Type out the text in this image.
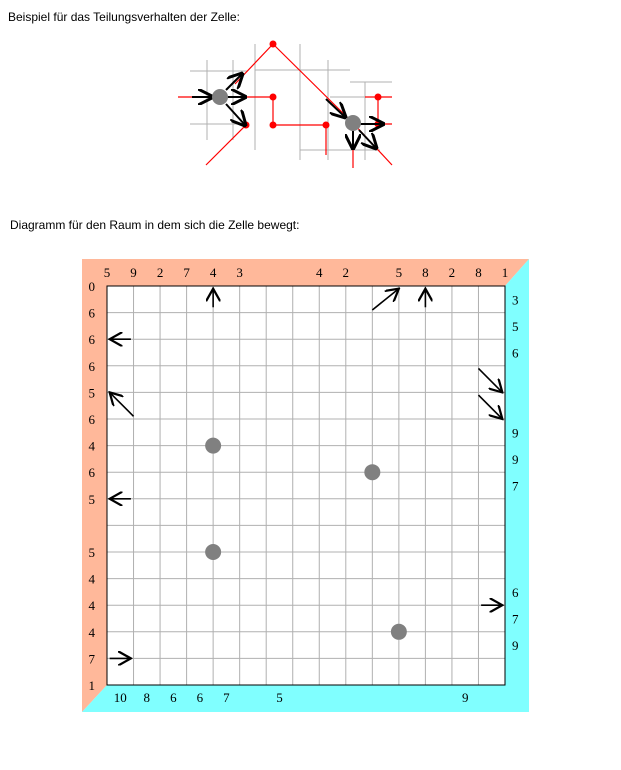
Beispiel für das Teilungsverhalten der Zelle:
Diagramm für den Raum in dem sich die Zelle bewegt:
5 9 2 7 4 3	4 2	5 8 2 8 1
0
6
6
6
5
6
4
6
5
5
4
4
4
7
1
3
5
6
9
9
7
6
7
9
10 8 6 6 7	5	9
